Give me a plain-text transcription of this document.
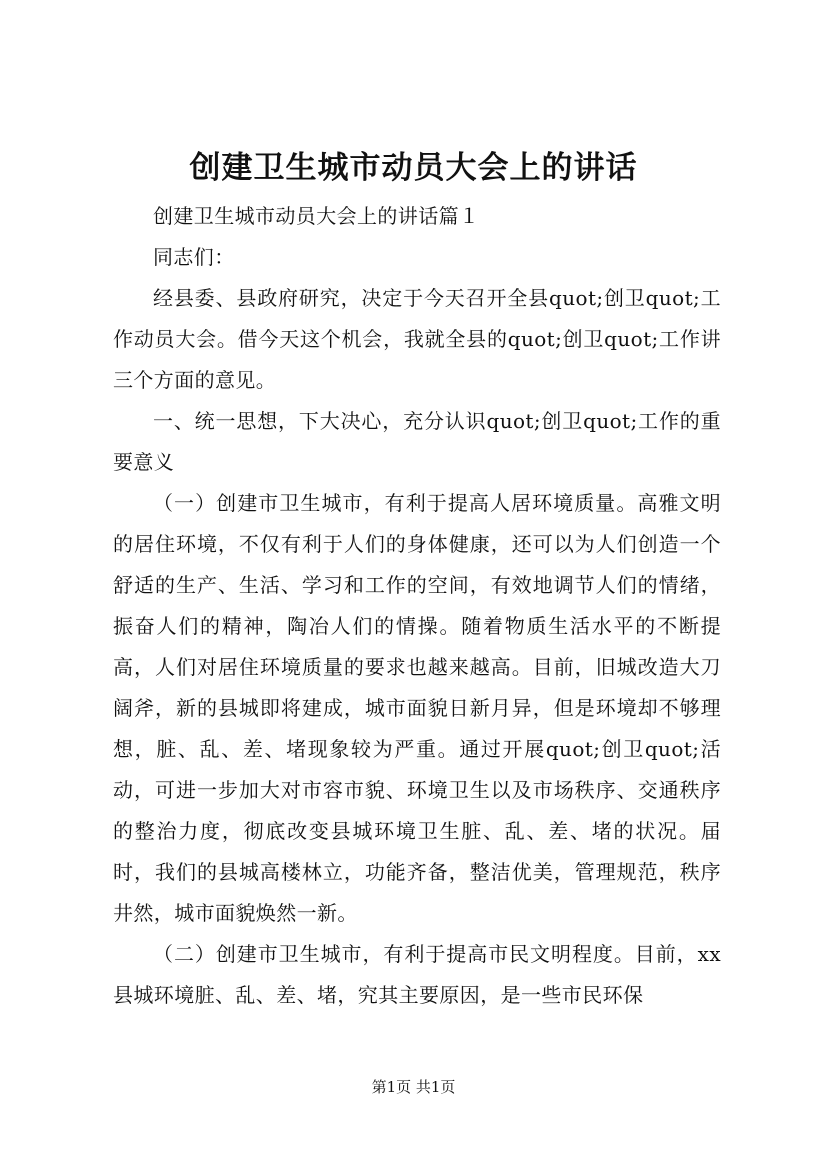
创建卫生城市动员大会上的讲话

创建卫生城市动员大会上的讲话篇１

同志们：

经县委、县政府研究，决定于今天召开全县quot;创卫quot;工作动员大会。借今天这个机会，我就全县的quot;创卫quot;工作讲三个方面的意见。

一、统一思想，下大决心，充分认识quot;创卫quot;工作的重要意义

（一）创建市卫生城市，有利于提高人居环境质量。高雅文明的居住环境，不仅有利于人们的身体健康，还可以为人们创造一个舒适的生产、生活、学习和工作的空间，有效地调节人们的情绪，振奋人们的精神，陶冶人们的情操。随着物质生活水平的不断提高，人们对居住环境质量的要求也越来越高。目前，旧城改造大刀阔斧，新的县城即将建成，城市面貌日新月异，但是环境却不够理想，脏、乱、差、堵现象较为严重。通过开展quot;创卫quot;活动，可进一步加大对市容市貌、环境卫生以及市场秩序、交通秩序的整治力度，彻底改变县城环境卫生脏、乱、差、堵的状况。届时，我们的县城高楼林立，功能齐备，整洁优美，管理规范，秩序井然，城市面貌焕然一新。

（二）创建市卫生城市，有利于提高市民文明程度。目前，xx县城环境脏、乱、差、堵，究其主要原因，是一些市民环保

第1页 共1页
